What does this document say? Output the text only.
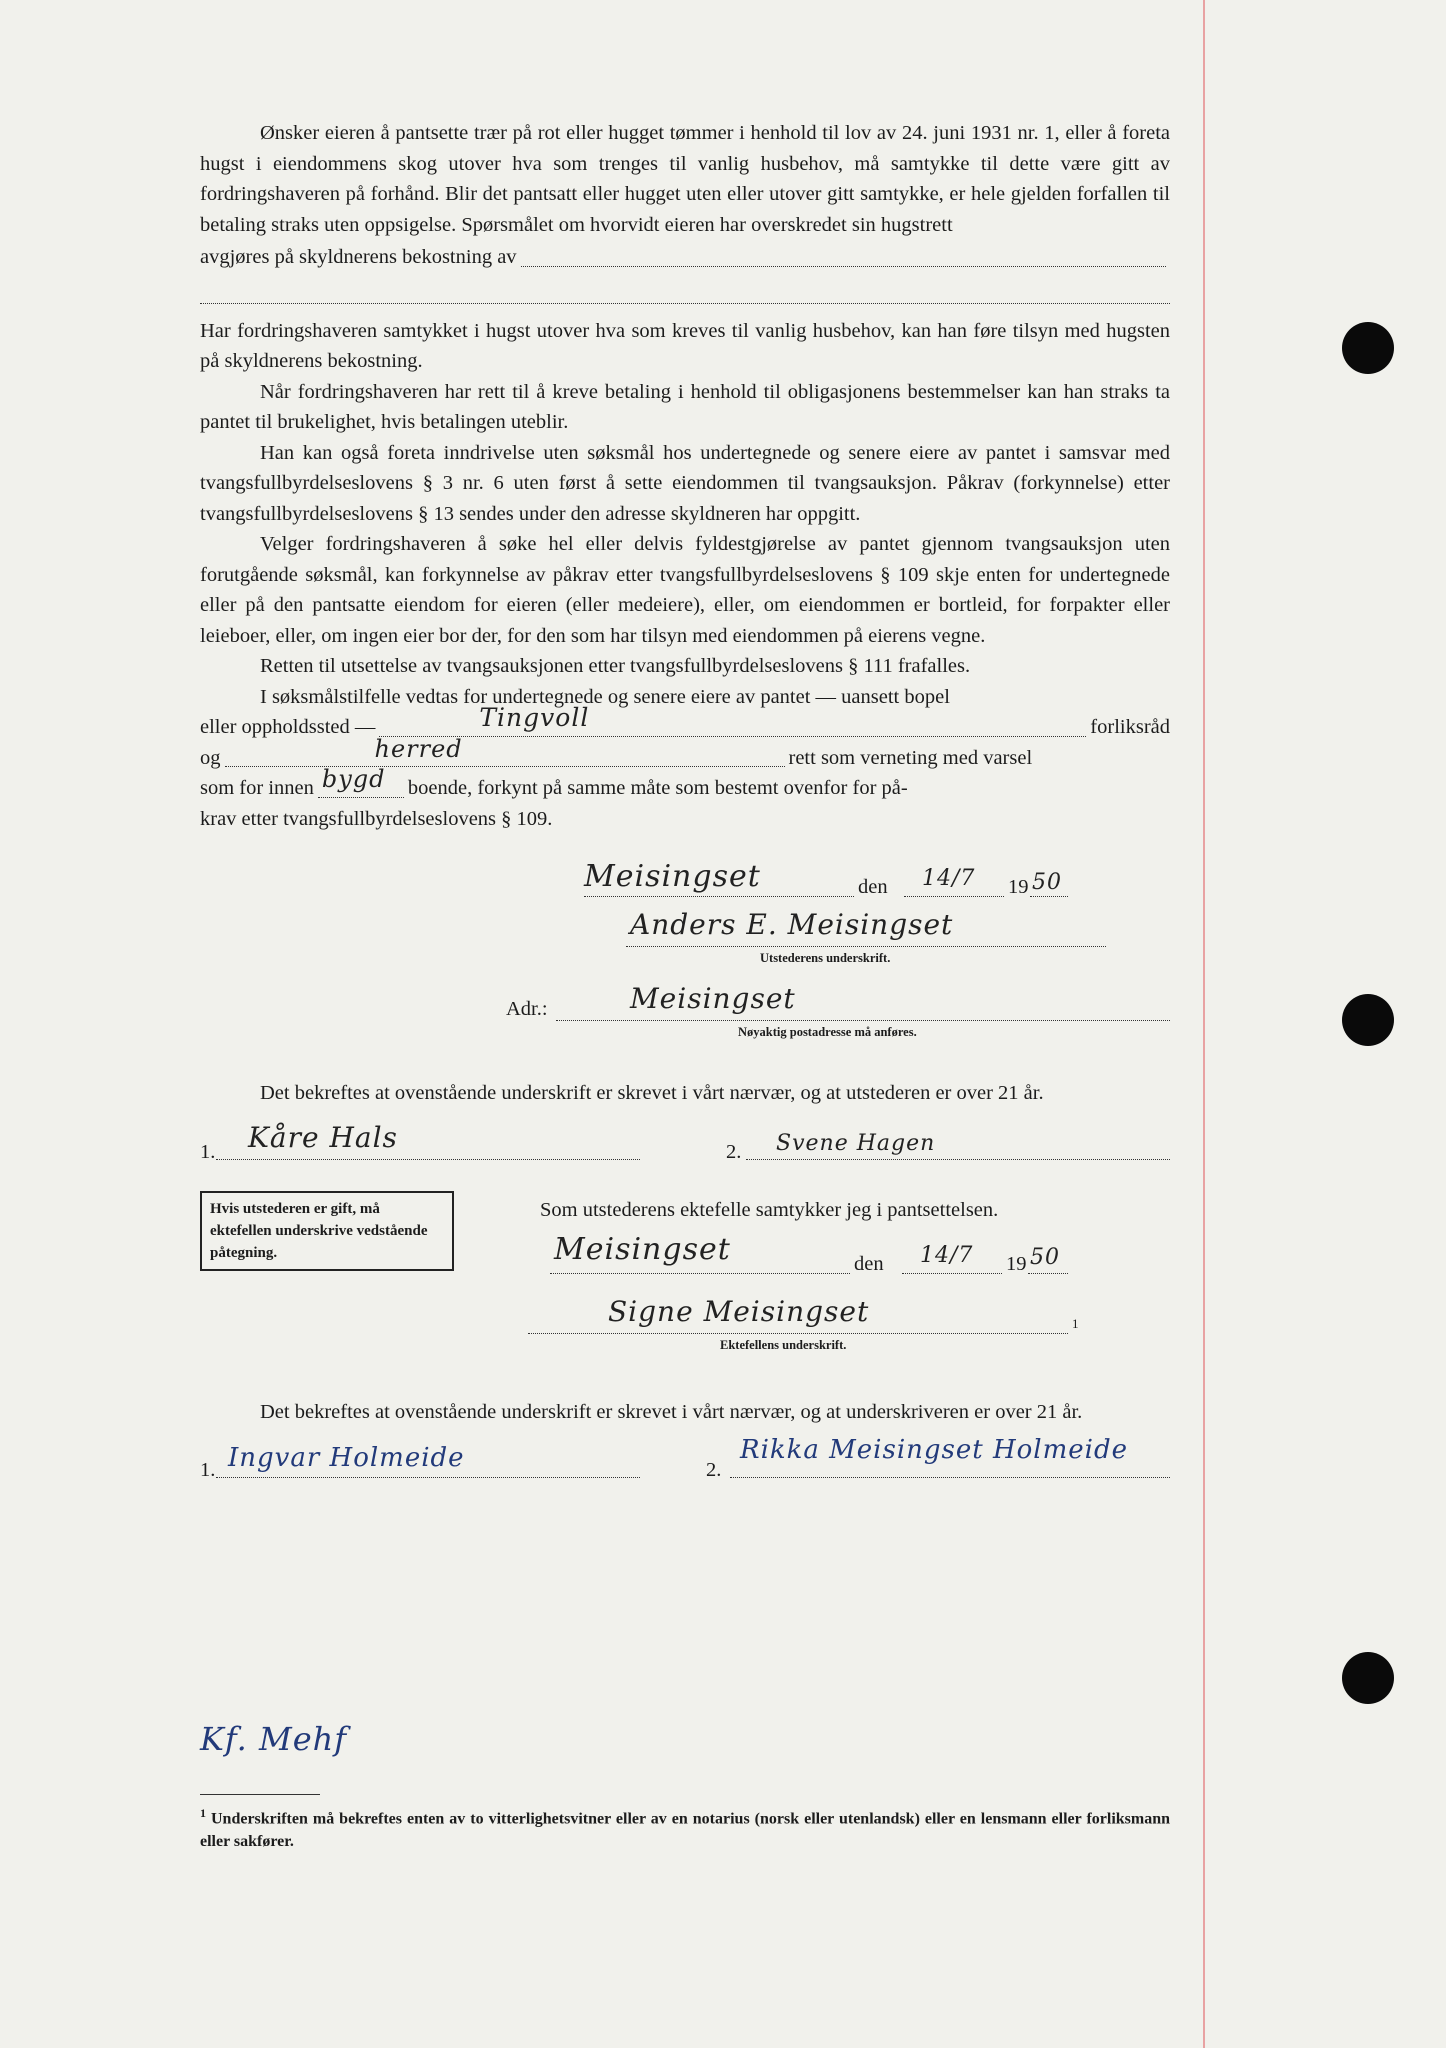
Ønsker eieren å pantsette trær på rot eller hugget tømmer i henhold til lov av 24. juni 1931 nr. 1, eller å foreta hugst i eiendommens skog utover hva som trenges til vanlig husbehov, må samtykke til dette være gitt av fordringshaveren på forhånd. Blir det pantsatt eller hugget uten eller utover gitt samtykke, er hele gjelden forfallen til betaling straks uten oppsigelse. Spørsmålet om hvorvidt eieren har overskredet sin hugstrett

avgjøres på skyldnerens bekostning av

Har fordringshaveren samtykket i hugst utover hva som kreves til vanlig husbehov, kan han føre tilsyn med hugsten på skyldnerens bekostning.

Når fordringshaveren har rett til å kreve betaling i henhold til obligasjonens bestemmelser kan han straks ta pantet til brukelighet, hvis betalingen uteblir.

Han kan også foreta inndrivelse uten søksmål hos undertegnede og senere eiere av pantet i samsvar med tvangsfullbyrdelseslovens § 3 nr. 6 uten først å sette eiendommen til tvangsauksjon. Påkrav (forkynnelse) etter tvangsfullbyrdelseslovens § 13 sendes under den adresse skyldneren har oppgitt.

Velger fordringshaveren å søke hel eller delvis fyldestgjørelse av pantet gjennom tvangsauksjon uten forutgående søksmål, kan forkynnelse av påkrav etter tvangsfullbyrdelseslovens § 109 skje enten for undertegnede eller på den pantsatte eiendom for eieren (eller medeiere), eller, om eiendommen er bortleid, for forpakter eller leieboer, eller, om ingen eier bor der, for den som har tilsyn med eiendommen på eierens vegne.

Retten til utsettelse av tvangsauksjonen etter tvangsfullbyrdelseslovens § 111 frafalles.

I søksmålstilfelle vedtas for undertegnede og senere eiere av pantet — uansett bopel

eller oppholdssted —	Tingvoll	forliksråd
og	herred	rett som verneting med varsel
som for innen bygd boende, forkynt på samme måte som bestemt ovenfor for på-
krav etter tvangsfullbyrdelseslovens § 109.
Meisingset	den 14/7 19 50
Anders E. Meisingset
Utstederens underskrift.
Adr.:	Meisingset
Nøyaktig postadresse må anføres.

Det bekreftes at ovenstående underskrift er skrevet i vårt nærvær, og at utstederen er over 21 år.

1. Kåre Hals	2. Svene Hagen
Hvis utstederen er gift, må ektefellen underskrive vedstående påtegning.
Som utstederens ektefelle samtykker jeg i pantsettelsen.
Meisingset	den 14/7 19 50
Signe Meisingset	1
Ektefellens underskrift.

Det bekreftes at ovenstående underskrift er skrevet i vårt nærvær, og at underskriveren er over 21 år.

1. Ingvar Holmeide	2.
Rikka Meisingset Holmeide
Kf. Mehf
$^1$ Underskriften må bekreftes enten av to vitterlighetsvitner eller av en notarius (norsk eller utenlandsk) eller en lensmann eller forliksmann eller sakfører.
